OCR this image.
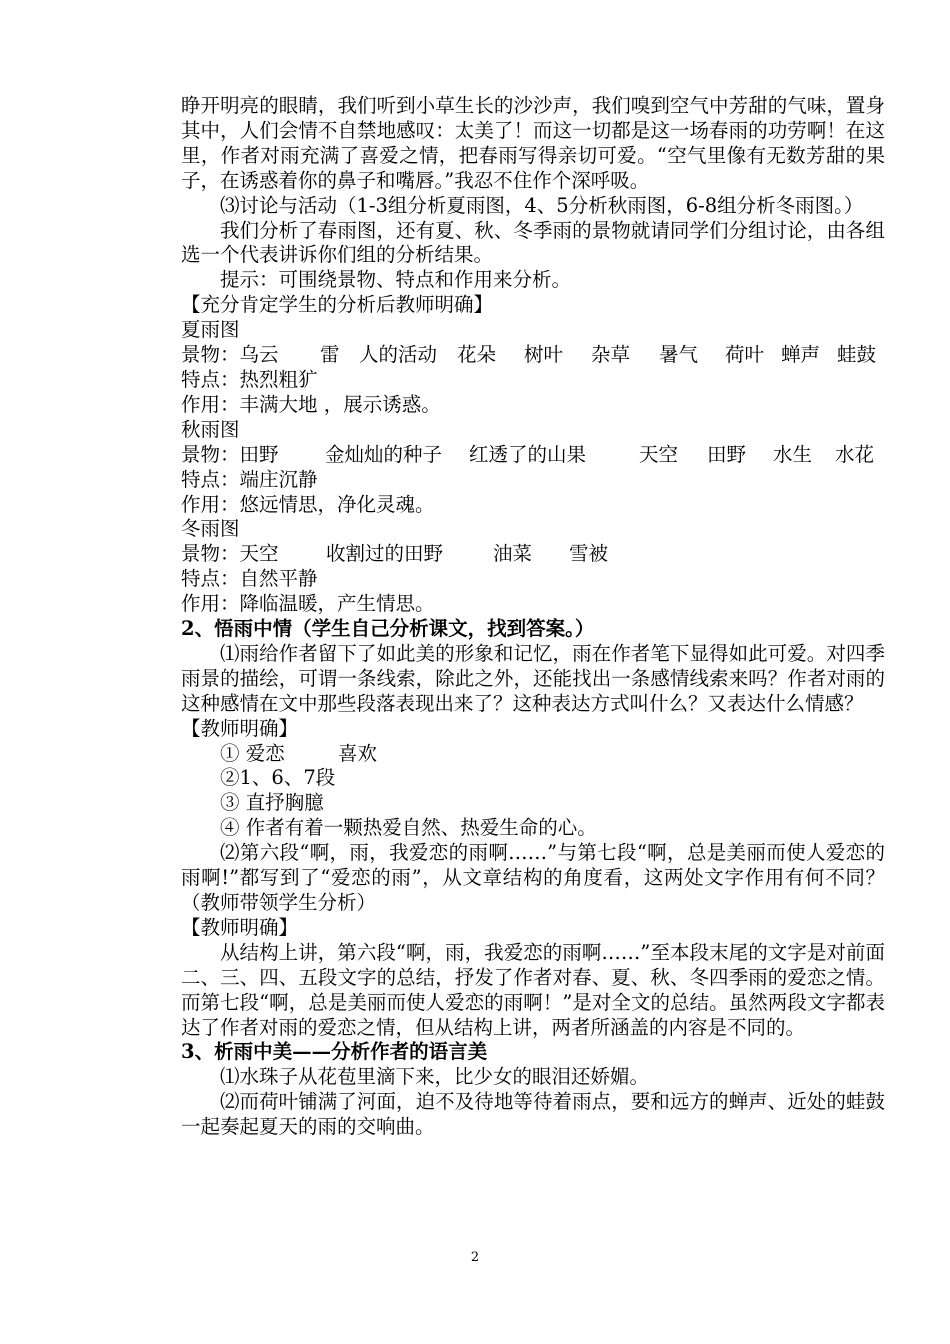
睁开明亮的眼睛，我们听到小草生长的沙沙声，我们嗅到空气中芳甜的气味，置身其中，人们会情不自禁地感叹：太美了！而这一切都是这一场春雨的功劳啊！在这里，作者对雨充满了喜爱之情，把春雨写得亲切可爱。“空气里像有无数芳甜的果子，在诱惑着你的鼻子和嘴唇。”我忍不住作个深呼吸。

⑶讨论与活动（1-3组分析夏雨图，4、5分析秋雨图，6-8组分析冬雨图。）

我们分析了春雨图，还有夏、秋、冬季雨的景物就请同学们分组讨论，由各组选一个代表讲诉你们组的分析结果。

提示：可围绕景物、特点和作用来分析。

【充分肯定学生的分析后教师明确】

夏雨图

景物：乌云	雷 人的活动	花朵	树叶	杂草	暑气	荷叶 蝉声 蛙鼓

特点：热烈粗犷

作用：丰满大地 ，展示诱惑。

秋雨图

景物：田野	金灿灿的种子	红透了的山果	天空	田野	水生	水花

特点：端庄沉静

作用：悠远情思，净化灵魂。

冬雨图

景物：天空	收割过的田野	油菜	雪被

特点：自然平静

作用：降临温暖，产生情思。

2、悟雨中情（学生自己分析课文，找到答案。）

⑴雨给作者留下了如此美的形象和记忆，雨在作者笔下显得如此可爱。对四季雨景的描绘，可谓一条线索，除此之外，还能找出一条感情线索来吗？作者对雨的这种感情在文中那些段落表现出来了？这种表达方式叫什么？又表达什么情感？

【教师明确】

① 爱恋	喜欢

②1、6、7段

③ 直抒胸臆

④ 作者有着一颗热爱自然、热爱生命的心。

⑵第六段“啊，雨，我爱恋的雨啊……”与第七段“啊，总是美丽而使人爱恋的雨啊!”都写到了“爱恋的雨”，从文章结构的角度看，这两处文字作用有何不同？（教师带领学生分析）

【教师明确】

从结构上讲，第六段“啊，雨，我爱恋的雨啊……”至本段末尾的文字是对前面二、三、四、五段文字的总结，抒发了作者对春、夏、秋、冬四季雨的爱恋之情。而第七段“啊，总是美丽而使人爱恋的雨啊！”是对全文的总结。虽然两段文字都表达了作者对雨的爱恋之情，但从结构上讲，两者所涵盖的内容是不同的。

3、析雨中美——分析作者的语言美

⑴水珠子从花苞里滴下来，比少女的眼泪还娇媚。

⑵而荷叶铺满了河面，迫不及待地等待着雨点，要和远方的蝉声、近处的蛙鼓一起奏起夏天的雨的交响曲。

2
